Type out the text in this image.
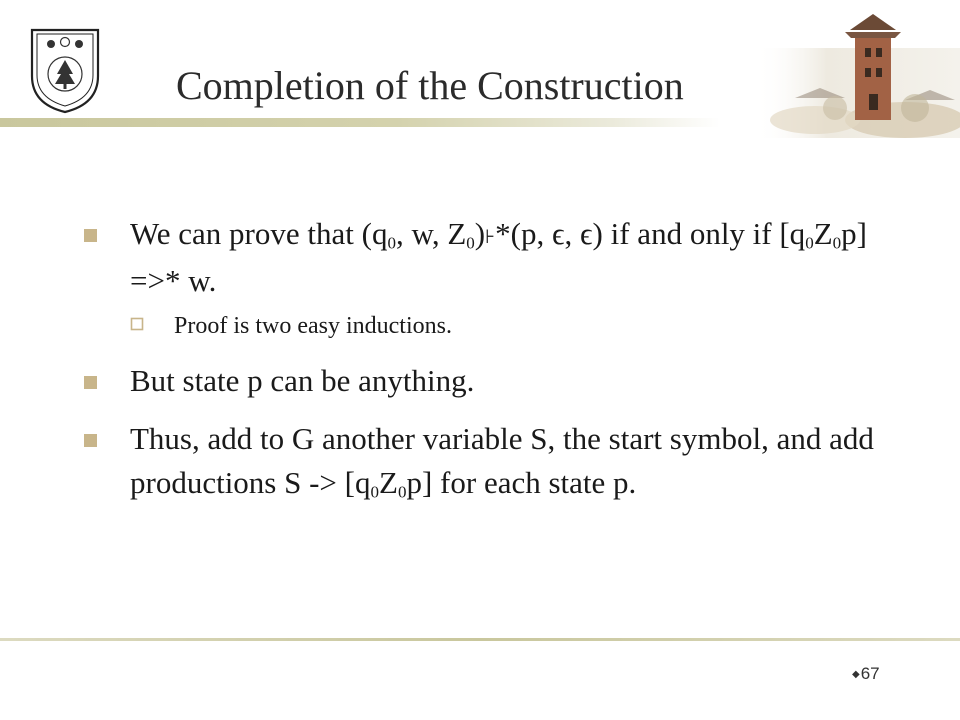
Completion of the Construction
We can prove that ($q_0$, w, $Z_0)⊦*(p$, ϵ, ϵ) if and only if $[q_0Z_0p]$ =>* w.
Proof is two easy inductions.
But state p can be anything.
Thus, add to G another variable S, the start symbol, and add productions $S -> [q_0Z_0p]$ for each state p.
◆67
